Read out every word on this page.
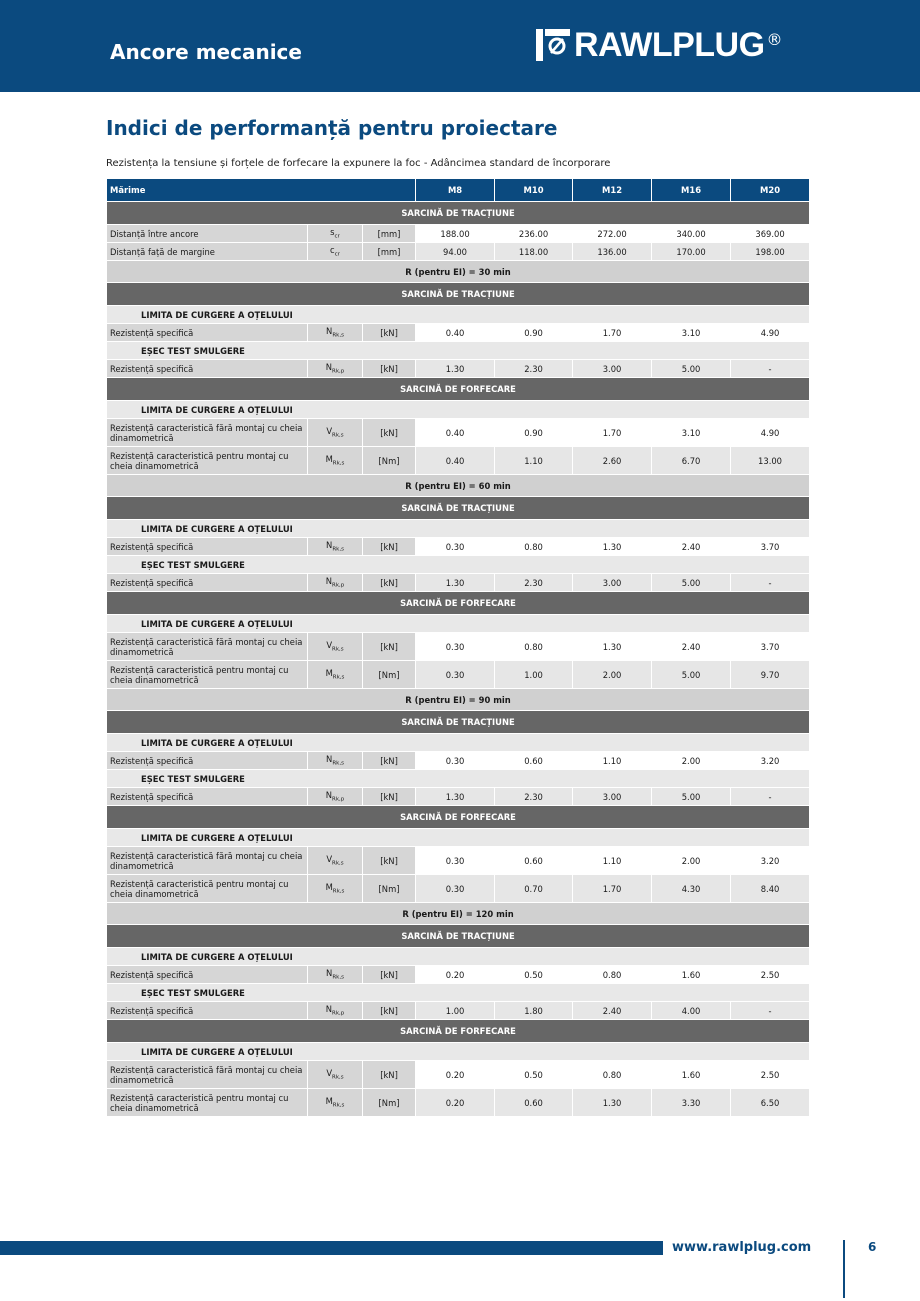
Ancore mecanice	RAWLPLUG ®
Indici de performanță pentru proiectare
Rezistența la tensiune și forțele de forfecare la expunere la foc - Adâncimea standard de încorporare
Mărime			M8	M10	M12	M16	M20
SARCINĂ DE TRACȚIUNE							
Distanță între ancore	$s_{cr}$	[mm]	188.00	236.00	272.00	340.00	369.00
Distanță față de margine	$c_{cr}$	[mm]	94.00	118.00	136.00	170.00	198.00
R (pentru EI) = 30 min							
SARCINĂ DE TRACȚIUNE							
LIMITA DE CURGERE A OȚELULUI							
Rezistență specifică	$N_{Rk,s}$	[kN]	0.40	0.90	1.70	3.10	4.90
EȘEC TEST SMULGERE							
Rezistență specifică	$N_{Rk,p}$	[kN]	1.30	2.30	3.00	5.00	-
SARCINĂ DE FORFECARE							
LIMITA DE CURGERE A OȚELULUI							
Rezistență caracteristică fără montaj cu cheia dinamometrică	$V_{Rk,s}$	[kN]	0.40	0.90	1.70	3.10	4.90
Rezistență caracteristică pentru montaj cu cheia dinamometrică	$M_{Rk,s}$	[Nm]	0.40	1.10	2.60	6.70	13.00
R (pentru EI) = 60 min							
SARCINĂ DE TRACȚIUNE							
LIMITA DE CURGERE A OȚELULUI							
Rezistență specifică	$N_{Rk,s}$	[kN]	0.30	0.80	1.30	2.40	3.70
EȘEC TEST SMULGERE							
Rezistență specifică	$N_{Rk,p}$	[kN]	1.30	2.30	3.00	5.00	-
SARCINĂ DE FORFECARE							
LIMITA DE CURGERE A OȚELULUI							
Rezistență caracteristică fără montaj cu cheia dinamometrică	$V_{Rk,s}$	[kN]	0.30	0.80	1.30	2.40	3.70
Rezistență caracteristică pentru montaj cu cheia dinamometrică	$M_{Rk,s}$	[Nm]	0.30	1.00	2.00	5.00	9.70
R (pentru EI) = 90 min							
SARCINĂ DE TRACȚIUNE							
LIMITA DE CURGERE A OȚELULUI							
Rezistență specifică	$N_{Rk,s}$	[kN]	0.30	0.60	1.10	2.00	3.20
EȘEC TEST SMULGERE							
Rezistență specifică	$N_{Rk,p}$	[kN]	1.30	2.30	3.00	5.00	-
SARCINĂ DE FORFECARE							
LIMITA DE CURGERE A OȚELULUI							
Rezistență caracteristică fără montaj cu cheia dinamometrică	$V_{Rk,s}$	[kN]	0.30	0.60	1.10	2.00	3.20
Rezistență caracteristică pentru montaj cu cheia dinamometrică	$M_{Rk,s}$	[Nm]	0.30	0.70	1.70	4.30	8.40
R (pentru EI) = 120 min							
SARCINĂ DE TRACȚIUNE							
LIMITA DE CURGERE A OȚELULUI							
Rezistență specifică	$N_{Rk,s}$	[kN]	0.20	0.50	0.80	1.60	2.50
EȘEC TEST SMULGERE							
Rezistență specifică	$N_{Rk,p}$	[kN]	1.00	1.80	2.40	4.00	-
SARCINĂ DE FORFECARE							
LIMITA DE CURGERE A OȚELULUI							
Rezistență caracteristică fără montaj cu cheia dinamometrică	$V_{Rk,s}$	[kN]	0.20	0.50	0.80	1.60	2.50
Rezistență caracteristică pentru montaj cu cheia dinamometrică	$M_{Rk,s}$	[Nm]	0.20	0.60	1.30	3.30	6.50
www.rawlplug.com	6
